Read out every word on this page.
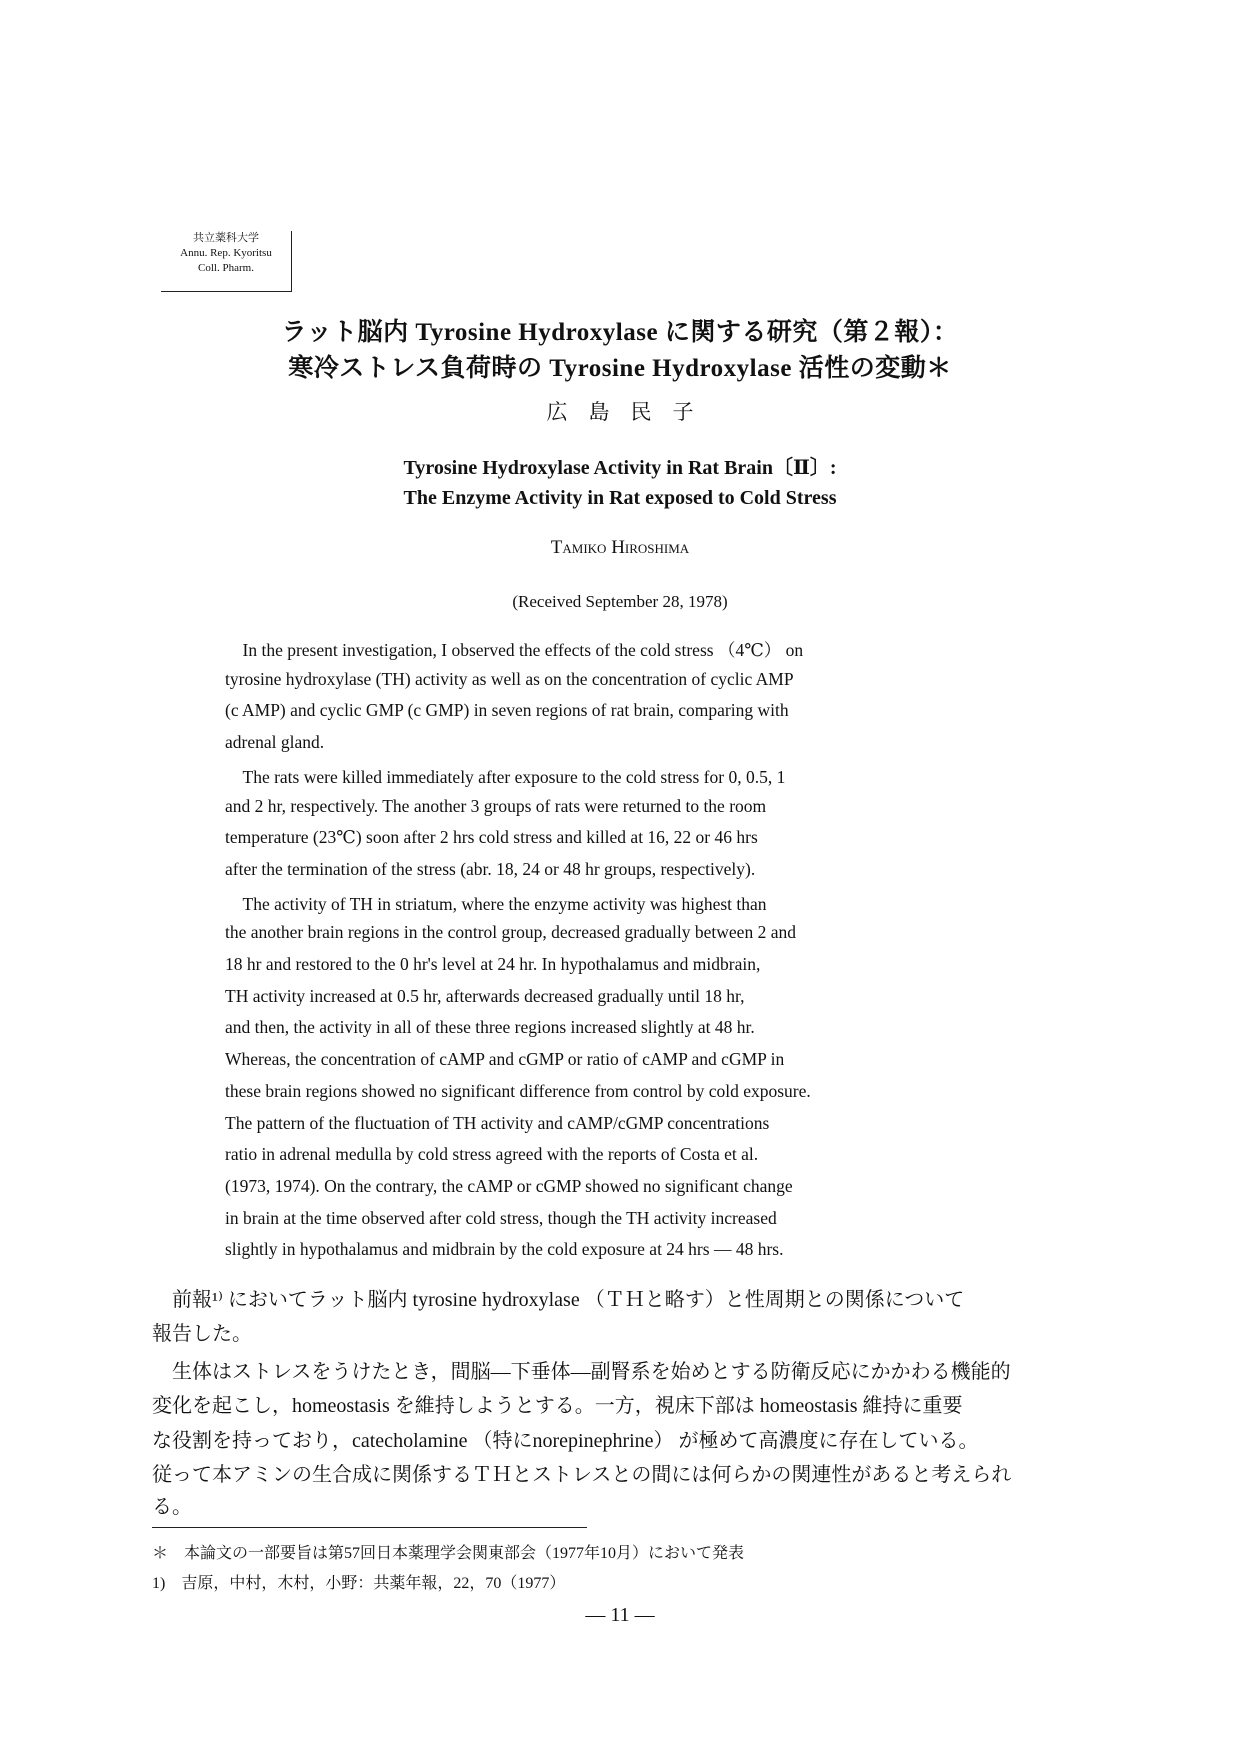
共立薬科大学
Annu. Rep. Kyoritsu
Coll. Pharm.
ラット脳内 Tyrosine Hydroxylase に関する研究（第２報）：
寒冷ストレス負荷時の Tyrosine Hydroxylase 活性の変動＊
広　島　民　子
Tyrosine Hydroxylase Activity in Rat Brain〔Ⅱ〕:
The Enzyme Activity in Rat exposed to Cold Stress
Tamiko Hiroshima
(Received September 28, 1978)
　In the present investigation, I observed the effects of the cold stress （4℃） on
tyrosine hydroxylase (TH) activity as well as on the concentration of cyclic AMP
(c AMP) and cyclic GMP (c GMP) in seven regions of rat brain, comparing with
adrenal gland.
　The rats were killed immediately after exposure to the cold stress for 0, 0.5, 1
and 2 hr, respectively. The another 3 groups of rats were returned to the room
temperature (23℃) soon after 2 hrs cold stress and killed at 16, 22 or 46 hrs
after the termination of the stress (abr. 18, 24 or 48 hr groups, respectively).
　The activity of TH in striatum, where the enzyme activity was highest than
the another brain regions in the control group, decreased gradually between 2 and
18 hr and restored to the 0 hr's level at 24 hr. In hypothalamus and midbrain,
TH activity increased at 0.5 hr, afterwards decreased gradually until 18 hr,
and then, the activity in all of these three regions increased slightly at 48 hr.
Whereas, the concentration of cAMP and cGMP or ratio of cAMP and cGMP in
these brain regions showed no significant difference from control by cold exposure.
The pattern of the fluctuation of TH activity and cAMP/cGMP concentrations
ratio in adrenal medulla by cold stress agreed with the reports of Costa et al.
(1973, 1974). On the contrary, the cAMP or cGMP showed no significant change
in brain at the time observed after cold stress, though the TH activity increased
slightly in hypothalamus and midbrain by the cold exposure at 24 hrs — 48 hrs.
　前報¹⁾ においてラット脳内 tyrosine hydroxylase （ＴＨと略す）と性周期との関係について
報告した。
　生体はストレスをうけたとき，間脳―下垂体―副腎系を始めとする防衛反応にかかわる機能的
変化を起こし，homeostasis を維持しようとする。一方，視床下部は homeostasis 維持に重要
な役割を持っており，catecholamine （特にnorepinephrine） が極めて高濃度に存在している。
従って本アミンの生合成に関係するＴＨとストレスとの間には何らかの関連性があると考えられ
る。
＊　本論文の一部要旨は第57回日本薬理学会関東部会（1977年10月）において発表
1)　吉原，中村，木村，小野：共薬年報，22，70（1977）
— 11 —
